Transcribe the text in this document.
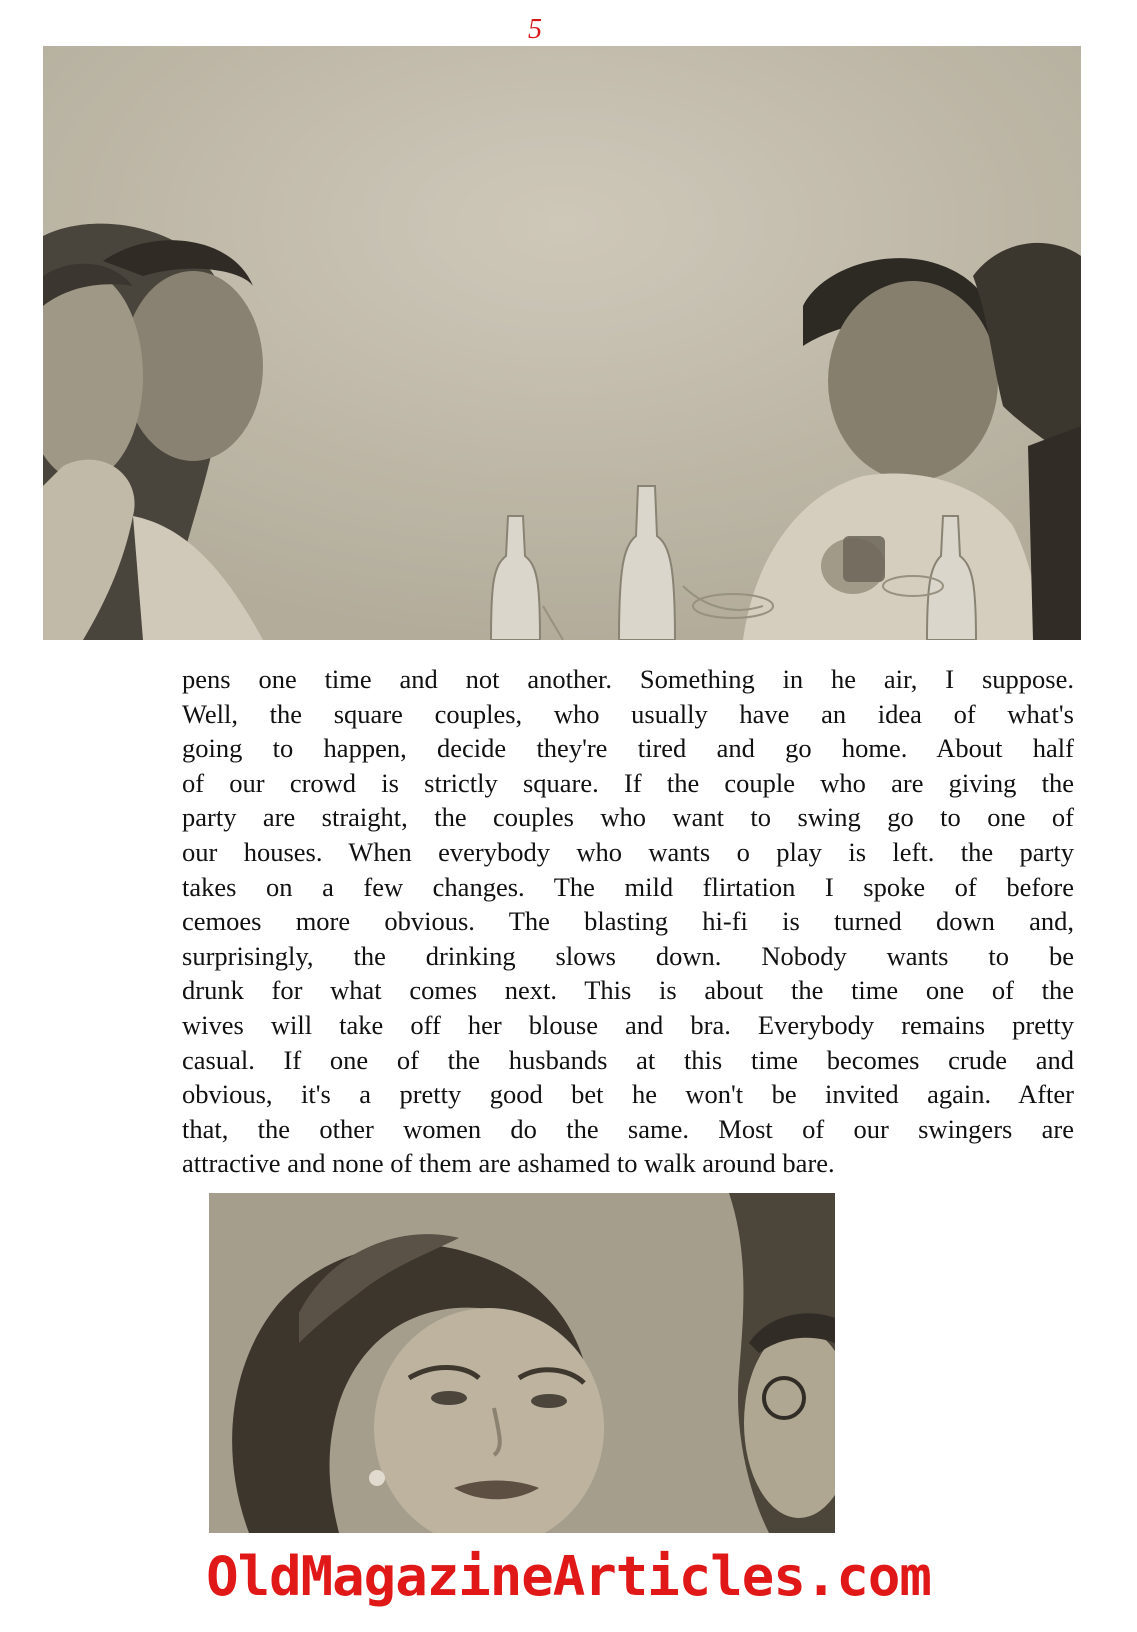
5
pens one time and not another. Something in he air, I suppose.
Well, the square couples, who usually have an idea of what's
going to happen, decide they're tired and go home. About half
of our crowd is strictly square. If the couple who are giving the
party are straight, the couples who want to swing go to one of
our houses. When everybody who wants o play is left. the party
takes on a few changes. The mild flirtation I spoke of before
cemoes more obvious. The blasting hi-fi is turned down and,
surprisingly, the drinking slows down. Nobody wants to be
drunk for what comes next. This is about the time one of the
wives will take off her blouse and bra. Everybody remains pretty
casual. If one of the husbands at this time becomes crude and
obvious, it's a pretty good bet he won't be invited again. After
that, the other women do the same. Most of our swingers are
attractive and none of them are ashamed to walk around bare.
OldMagazineArticles.com
